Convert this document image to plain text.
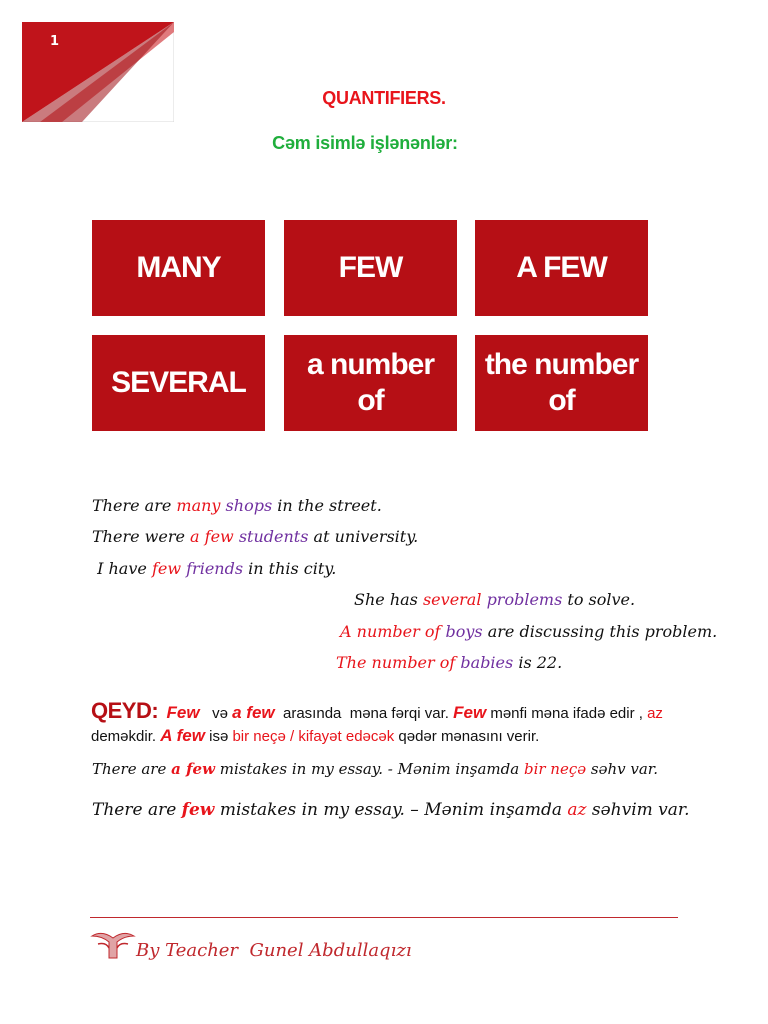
1
QUANTIFIERS.
Cəm isimlə işlənənlər:
MANY	FEW	A FEW
SEVERAL
a number of
the number of
There are many shops in the street.
There were a few students at university.
I have few friends in this city.
She has several problems to solve.
A number of boys are discussing this problem.
The number of babies is 22.
QEYD: Few və a few arasında  məna fərqi var. Few mənfi məna ifadə edir , az
deməkdir. A few isə bir neçə / kifayət edəcək qədər mənasını verir.
There are a few mistakes in my essay. - Mənim inşamda bir neçə səhv var.
There are few mistakes in my essay. – Mənim inşamda az səhvim var.
By Teacher  Gunel Abdullaqızı
